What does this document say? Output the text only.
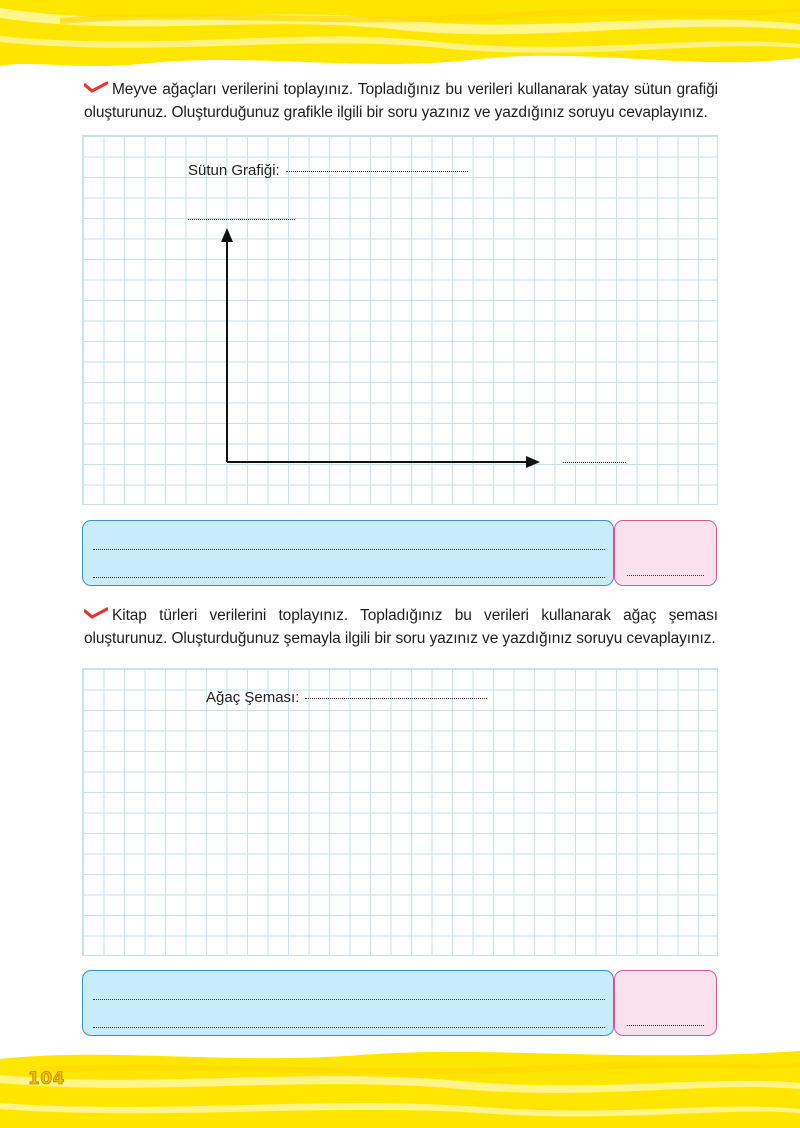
Meyve ağaçları verilerini toplayınız. Topladığınız bu verileri kullanarak yatay sütun grafiği oluşturunuz. Oluşturduğunuz grafikle ilgili bir soru yazınız ve yazdığınız soruyu cevaplayınız.
Sütun Grafiği:
Kitap türleri verilerini toplayınız. Topladığınız bu verileri kullanarak ağaç şeması oluşturunuz. Oluşturduğunuz şemayla ilgili bir soru yazınız ve yazdığınız soruyu cevaplayınız.
Ağaç Şeması:
104
